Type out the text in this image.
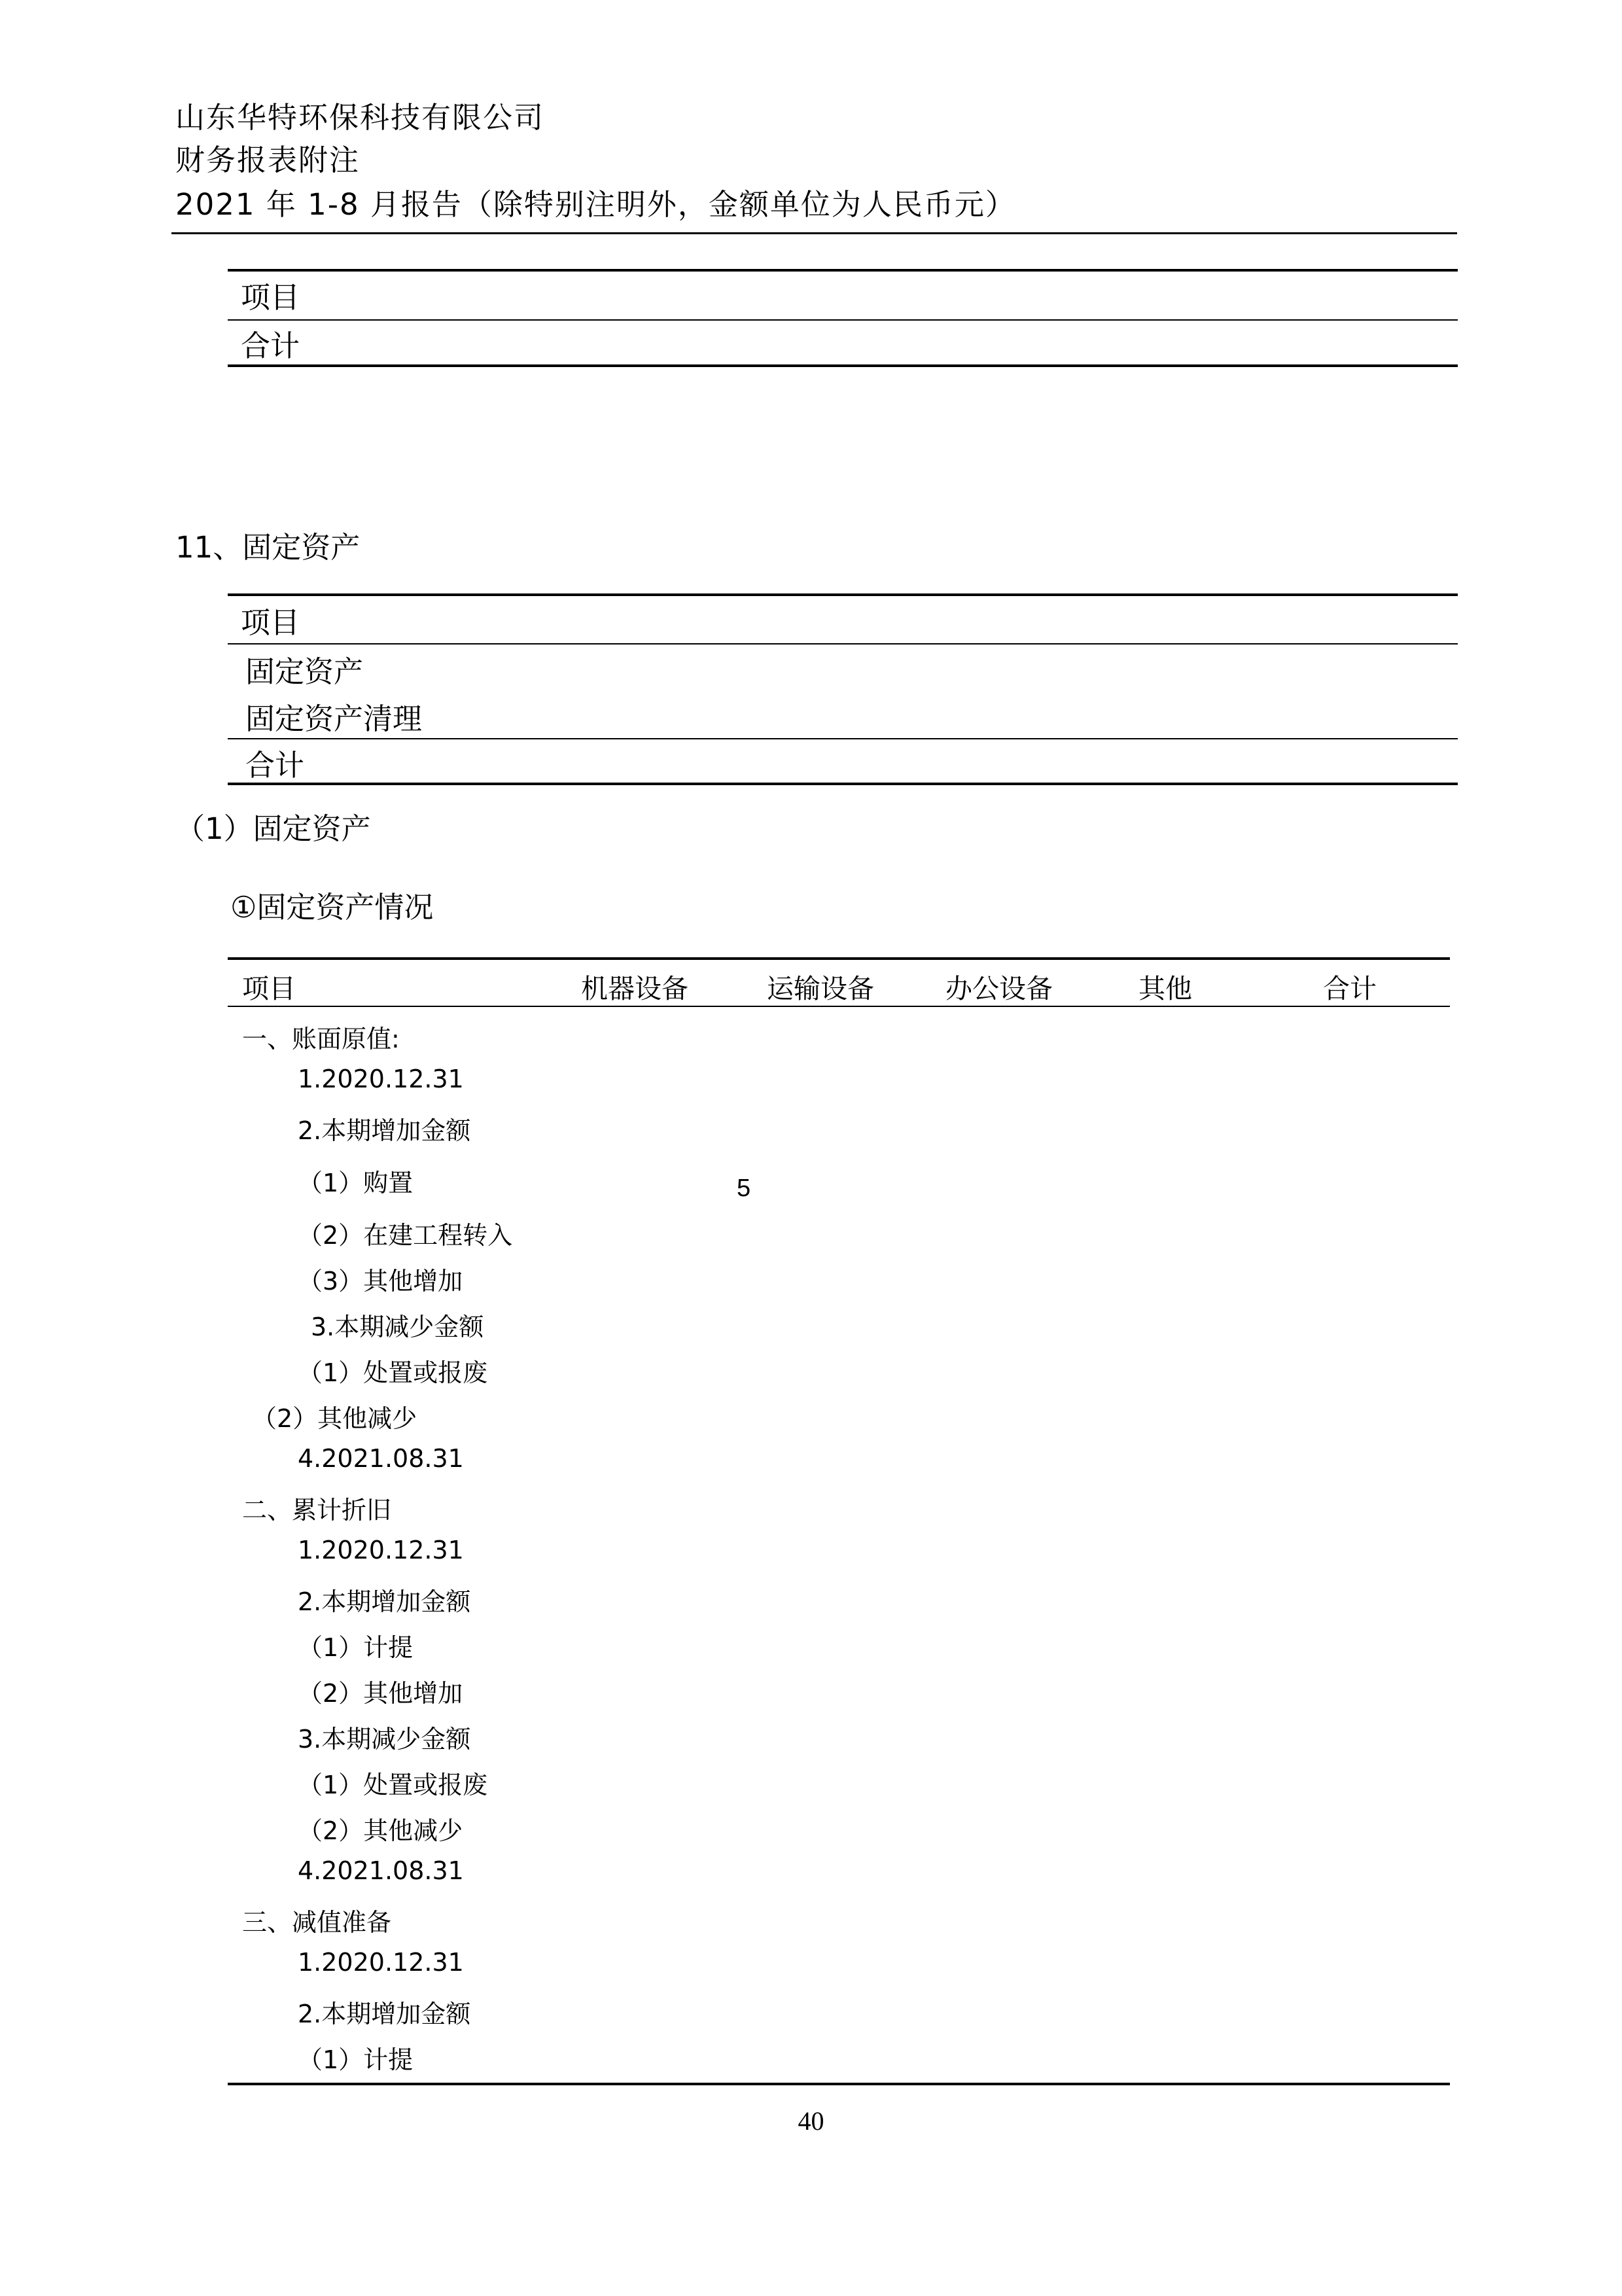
山东华特环保科技有限公司
财务报表附注
2021 年 1-8 月报告（除特别注明外，金额单位为人民币元）
项目
合计
11、固定资产
项目
固定资产
固定资产清理
合计
（1）固定资产
①固定资产情况
项目	机器设备	运输设备	办公设备	其他	合计
一、账面原值:
1.2020.12.31
2.本期增加金额
（1）购置	5
（2）在建工程转入
（3）其他增加
3.本期减少金额
（1）处置或报废
（2）其他减少
4.2021.08.31
二、累计折旧
1.2020.12.31
2.本期增加金额
（1）计提
（2）其他增加
3.本期减少金额
（1）处置或报废
（2）其他减少
4.2021.08.31
三、减值准备
1.2020.12.31
2.本期增加金额
（1）计提
40
